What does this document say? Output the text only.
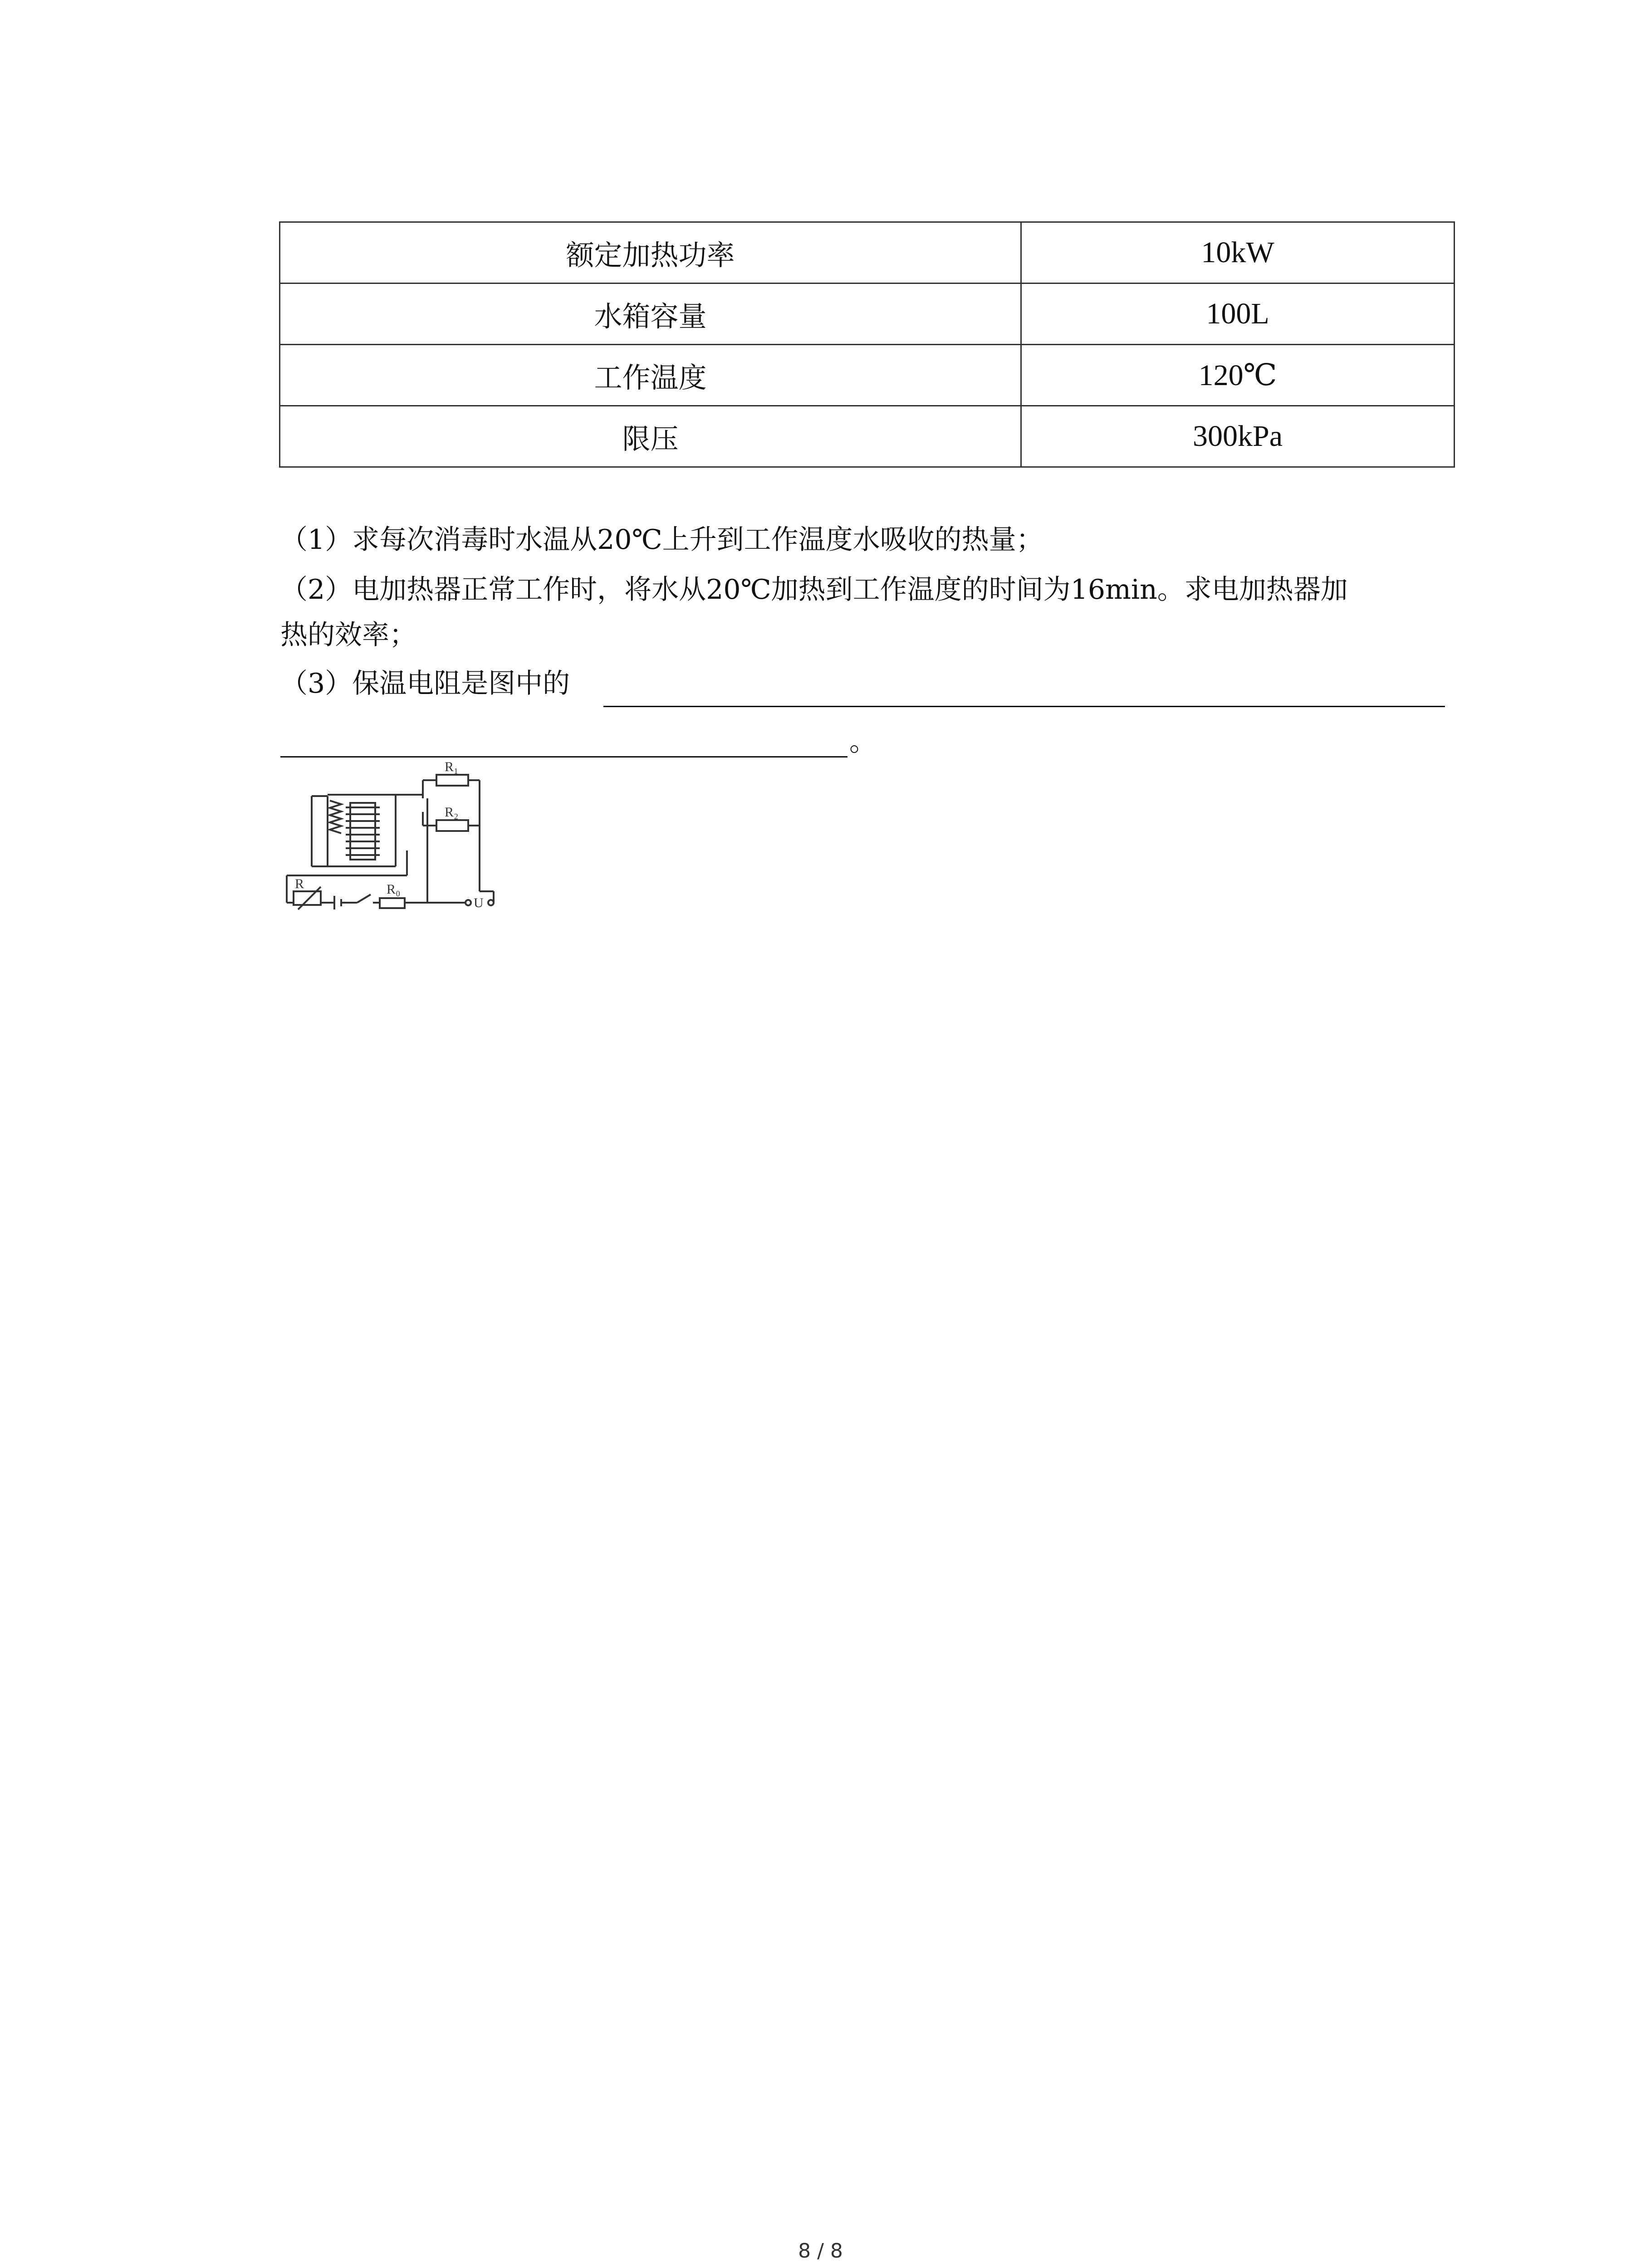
额定加热功率	10kW
水箱容量	100L
工作温度	120℃
限压	300kPa
（1）求每次消毒时水温从20℃上升到工作温度水吸收的热量；
（2）电加热器正常工作时，将水从20℃加热到工作温度的时间为16min。求电加热器加
热的效率；
（3）保温电阻是图中的
。
R₁
R₂
R	R₀
U
8 / 8
